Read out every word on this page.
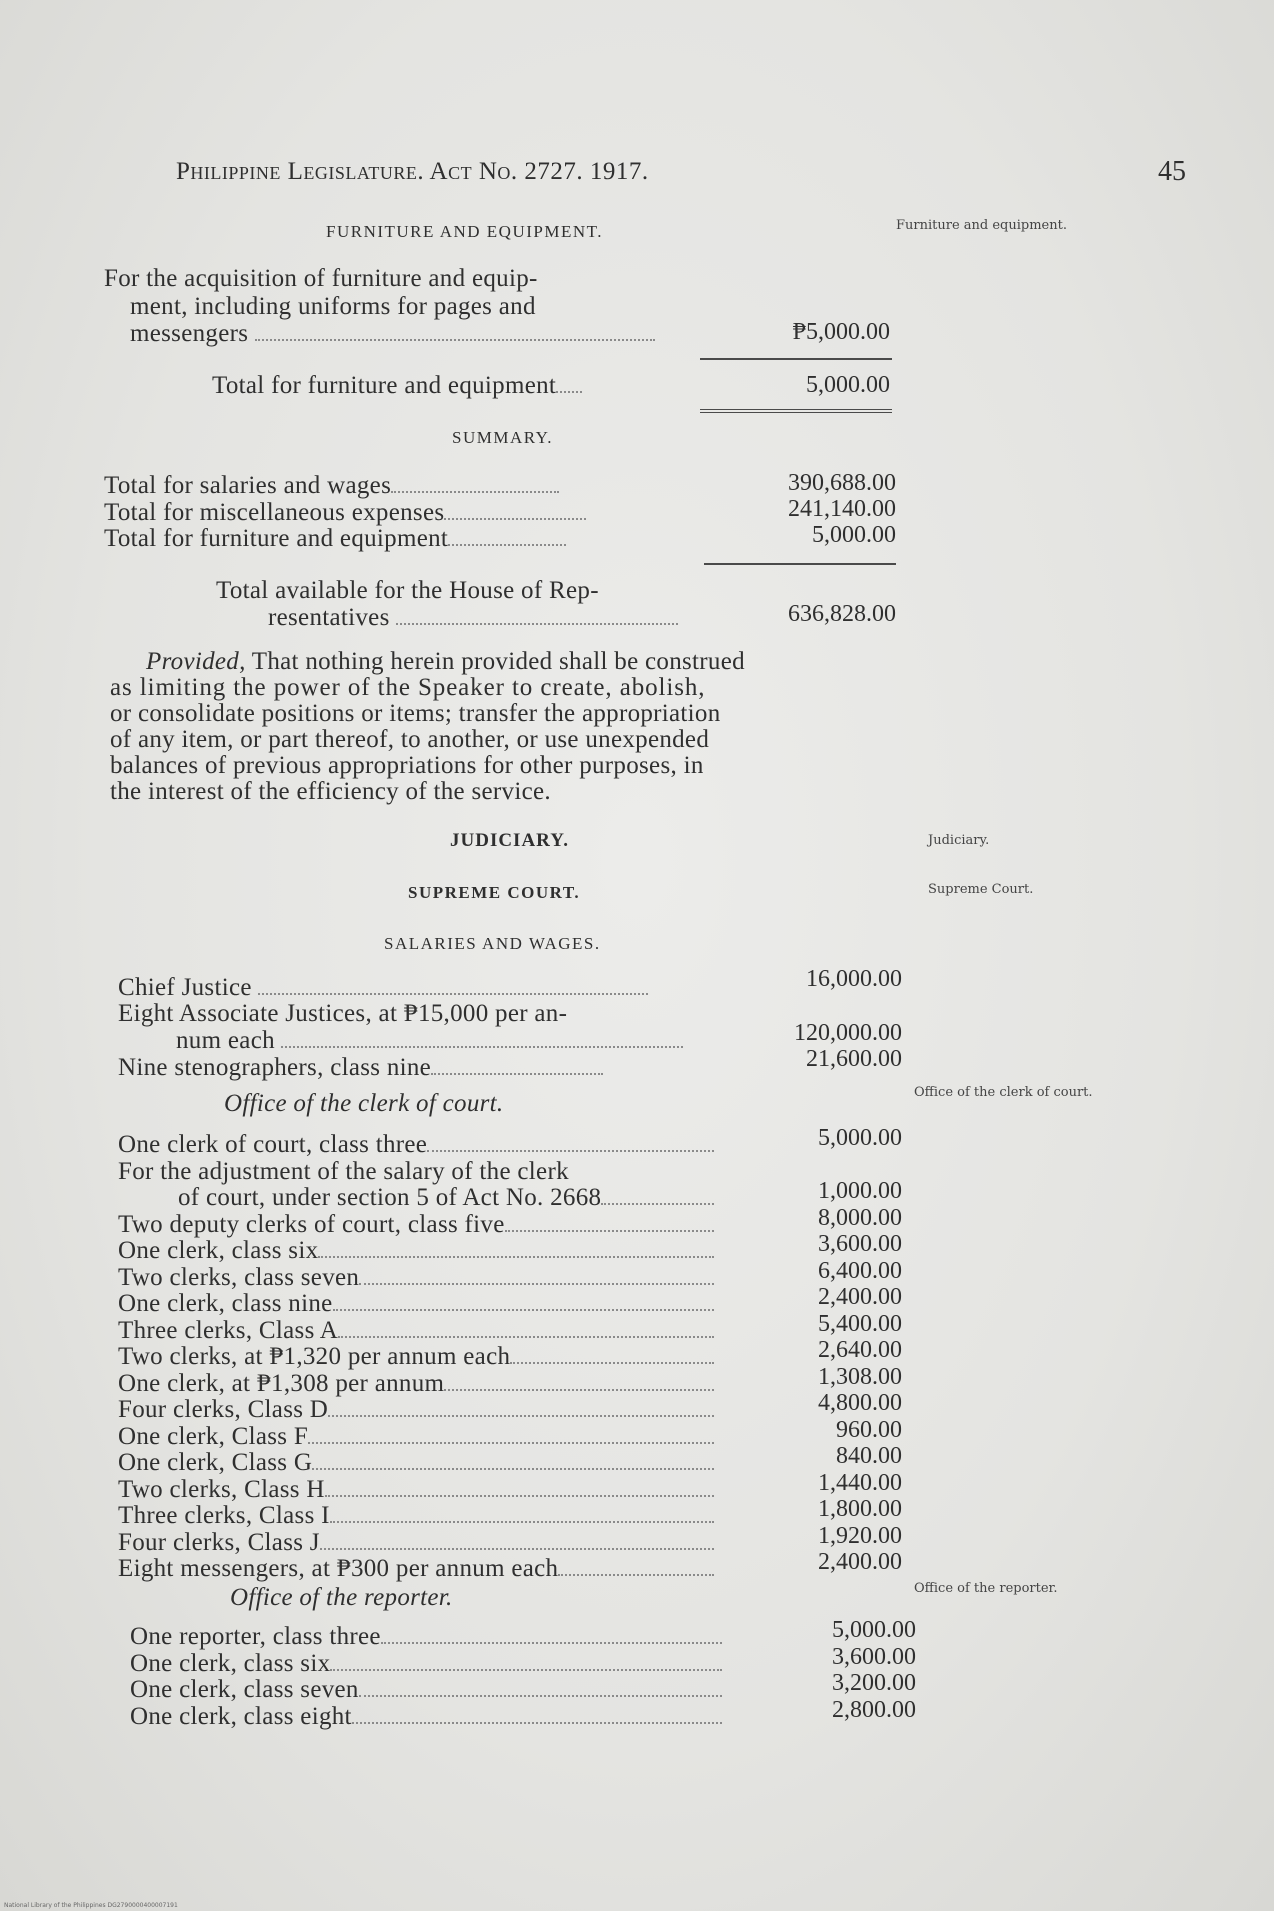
Philippine Legislature. Act No. 2727. 1917.	45
FURNITURE AND EQUIPMENT.	Furniture and equipment.
For the acquisition of furniture and equip-
ment, including uniforms for pages and
messengers	₱5,000.00
Total for furniture and equipment	5,000.00
SUMMARY.
Total for salaries and wages	390,688.00
Total for miscellaneous expenses	241,140.00
Total for furniture and equipment	5,000.00
Total available for the House of Rep-
resentatives	636,828.00
Provided, That nothing herein provided shall be construed
as limiting the power of the Speaker to create, abolish,
or consolidate positions or items; transfer the appropriation
of any item, or part thereof, to another, or use unexpended
balances of previous appropriations for other purposes, in
the interest of the efficiency of the service.
JUDICIARY.	Judiciary.
SUPREME COURT.	Supreme Court.
SALARIES AND WAGES.
Chief Justice	16,000.00
Eight Associate Justices, at ₱15,000 per an-
num each	120,000.00
Nine stenographers, class nine	21,600.00
Office of the clerk of court.	Office of the clerk of court.
Office of the reporter.	Office of the reporter.
National Library of the Philippines DG2790000400007191
One clerk of court, class three	5,000.00
For the adjustment of the salary of the clerk
of court, under section 5 of Act No. 2668	1,000.00
Two deputy clerks of court, class five	8,000.00
One clerk, class six	3,600.00
Two clerks, class seven	6,400.00
One clerk, class nine	2,400.00
Three clerks, Class A	5,400.00
Two clerks, at ₱1,320 per annum each	2,640.00
One clerk, at ₱1,308 per annum	1,308.00
Four clerks, Class D	4,800.00
One clerk, Class F	960.00
One clerk, Class G	840.00
Two clerks, Class H	1,440.00
Three clerks, Class I	1,800.00
Four clerks, Class J	1,920.00
Eight messengers, at ₱300 per annum each	2,400.00
One reporter, class three	5,000.00
One clerk, class six	3,600.00
One clerk, class seven	3,200.00
One clerk, class eight	2,800.00
